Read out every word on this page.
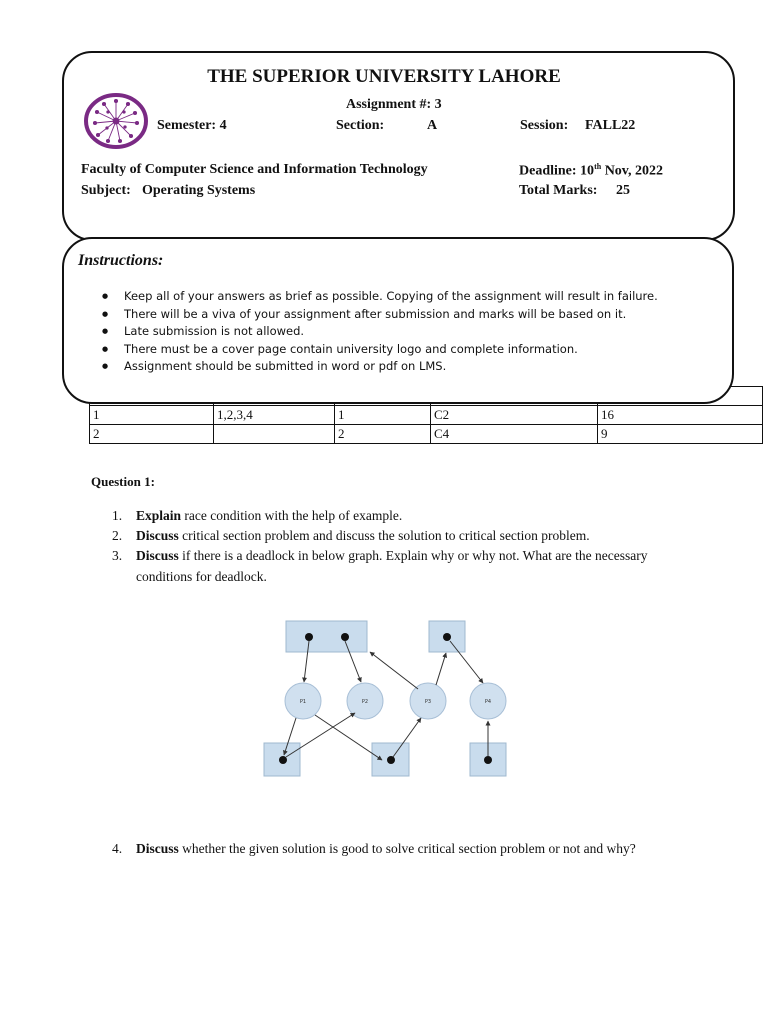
THE SUPERIOR UNIVERSITY LAHORE
Assignment #: 3
Semester: 4	Section:	A	Session: FALL22
Faculty of Computer Science and Information Technology
Subject: Operating Systems
Deadline: 10th Nov, 2022
Total Marks: 25

1	1,2,3,4	1	C2	16
2		2	C4	9
Instructions:
● Keep all of your answers as brief as possible. Copying of the assignment will result in failure.
● There will be a viva of your assignment after submission and marks will be based on it.
● Late submission is not allowed.
● There must be a cover page contain university logo and complete information.
● Assignment should be submitted in word or pdf on LMS.
Question 1:
1.	Explain race condition with the help of example.
2.	Discuss critical section problem and discuss the solution to critical section problem.
3.	Discuss if there is a deadlock in below graph. Explain why or why not. What are the necessary conditions for deadlock.
P1	P2	P3	P4
4.	Discuss whether the given solution is good to solve critical section problem or not and why?
